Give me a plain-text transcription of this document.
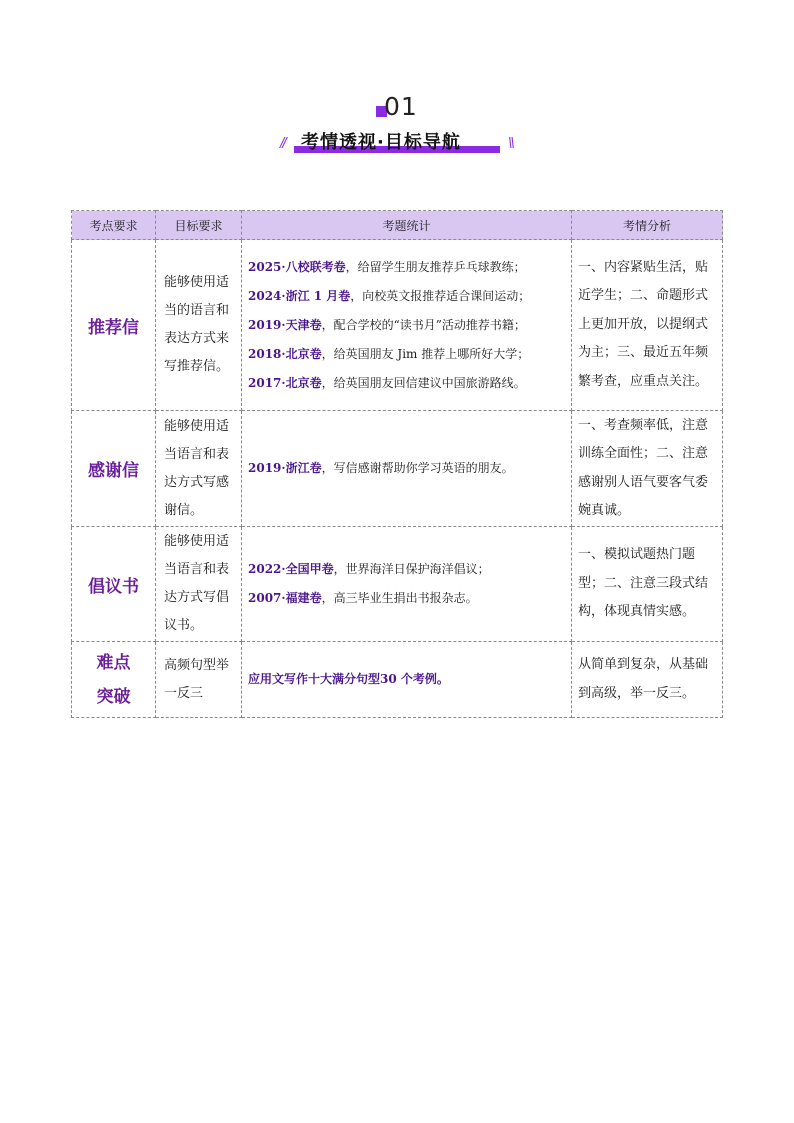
01
// 考情透视·目标导航	\\
考点要求	目标要求	考题统计	考情分析
推荐信	能够使用适当的语言和表达方式来写推荐信。	2025·八校联考卷，给留学生朋友推荐乒乓球教练；
2024·浙江 1 月卷，向校英文报推荐适合课间运动；
2019·天津卷，配合学校的“读书月”活动推荐书籍；
2018·北京卷，给英国朋友 Jim 推荐上哪所好大学；
2017·北京卷，给英国朋友回信建议中国旅游路线。	一、内容紧贴生活，贴近学生；二、命题形式上更加开放，以提纲式为主；三、最近五年频繁考查，应重点关注。
感谢信	能够使用适当语言和表达方式写感谢信。	2019·浙江卷，写信感谢帮助你学习英语的朋友。	一、考查频率低，注意训练全面性；二、注意感谢别人语气要客气委婉真诚。
倡议书	能够使用适当语言和表达方式写倡议书。	2022·全国甲卷，世界海洋日保护海洋倡议；
2007·福建卷，高三毕业生捐出书报杂志。	一、模拟试题热门题型；二、注意三段式结构，体现真情实感。

难点
突破	高频句型举一反三	应用文写作十大满分句型30 个考例。	从简单到复杂，从基础到高级，举一反三。
